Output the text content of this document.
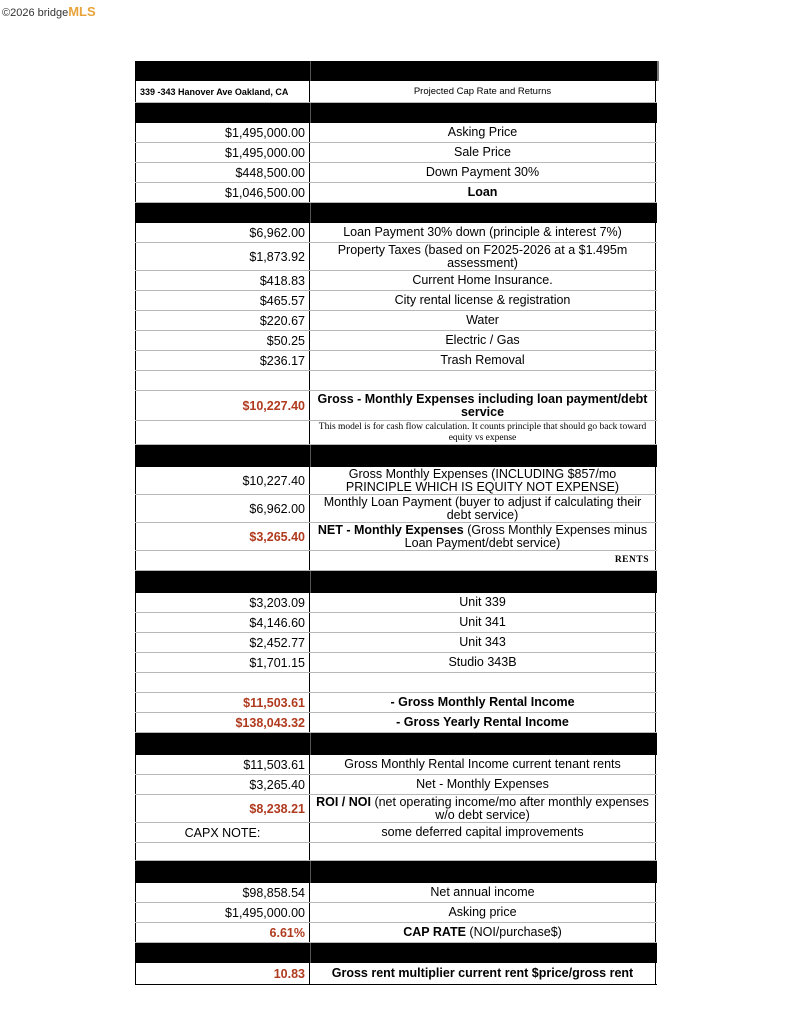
©2026 bridgeMLS
339 -343 Hanover Ave Oakland, CA	Projected Cap Rate and Returns
$1,495,000.00	Asking Price
$1,495,000.00	Sale Price
$448,500.00	Down Payment 30%
$1,046,500.00	Loan
$6,962.00	Loan Payment 30% down (principle & interest 7%)
$1,873.92	Property Taxes (based on F2025-2026 at a $1.495m assessment)
$418.83	Current Home Insurance.
$465.57	City rental license & registration
$220.67	Water
$50.25	Electric / Gas
$236.17	Trash Removal
$10,227.40	Gross - Monthly Expenses including loan payment/debt service
This model is for cash flow calculation. It counts principle that should go back toward equity vs expense
$10,227.40	Gross Monthly Expenses (INCLUDING $857/mo PRINCIPLE WHICH IS EQUITY NOT EXPENSE)
$6,962.00	Monthly Loan Payment (buyer to adjust if calculating their debt service)
$3,265.40	NET - Monthly Expenses (Gross Monthly Expenses minus Loan Payment/debt service)
RENTS
$3,203.09	Unit 339
$4,146.60	Unit 341
$2,452.77	Unit 343
$1,701.15	Studio 343B
$11,503.61	- Gross Monthly Rental Income
$138,043.32	- Gross Yearly Rental Income
$11,503.61	Gross Monthly Rental Income current tenant rents
$3,265.40	Net - Monthly Expenses
$8,238.21 ROI / NOI (net operating income/mo after monthly expenses w/o debt service)
CAPX NOTE:	some deferred capital improvements
$98,858.54	Net annual income
$1,495,000.00	Asking price
6.61%	CAP RATE (NOI/purchase$)
10.83	Gross rent multiplier current rent $price/gross rent
